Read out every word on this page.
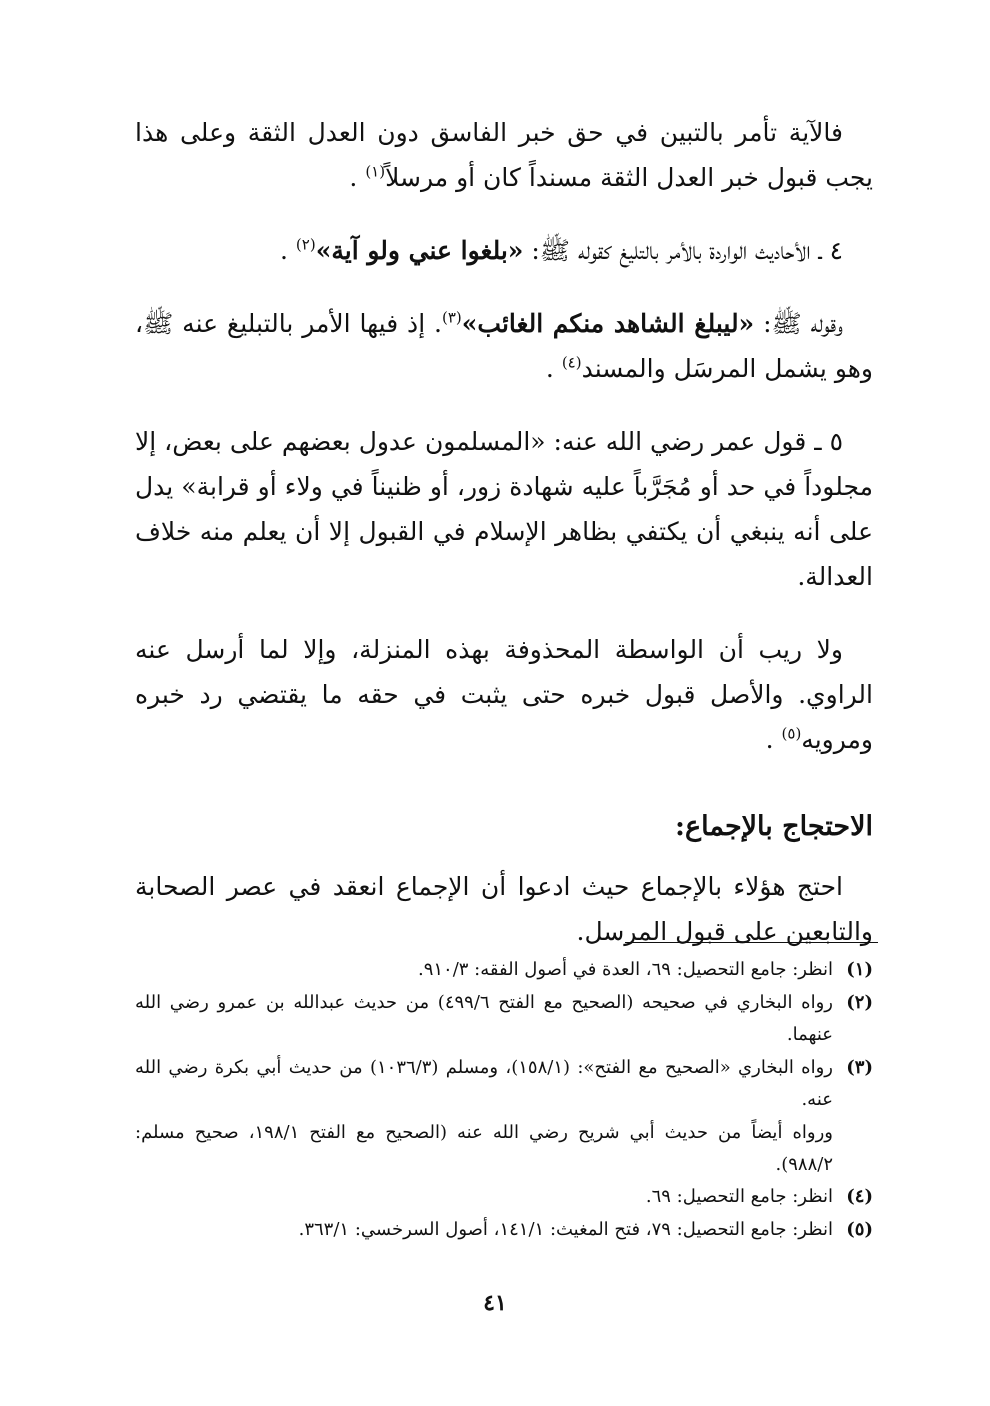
فالآية تأمر بالتبين في حق خبر الفاسق دون العدل الثقة وعلى هذا يجب قبول خبر العدل الثقة مسنداً كان أو مرسلاً$^{(١)}$ .

٤ ـ الأحاديث الواردة بالأمر بالتليغ كقوله ﷺ: «بلغوا عني ولو آية»$^{(٢)}$ .

وقوله ﷺ: «ليبلغ الشاهد منكم الغائب»$^{(٣)}$. إذ فيها الأمر بالتبليغ عنه ﷺ، وهو يشمل المرسَل والمسند$^{(٤)}$ .

٥ ـ قول عمر رضي الله عنه: «المسلمون عدول بعضهم على بعض، إلا مجلوداً في حد أو مُجَرَّباً عليه شهادة زور، أو ظنيناً في ولاء أو قرابة» يدل على أنه ينبغي أن يكتفي بظاهر الإسلام في القبول إلا أن يعلم منه خلاف العدالة.

ولا ريب أن الواسطة المحذوفة بهذه المنزلة، وإلا لما أرسل عنه الراوي. والأصل قبول خبره حتى يثبت في حقه ما يقتضي رد خبره ومرويه$^{(٥)}$ .

الاحتجاج بالإجماع:

احتج هؤلاء بالإجماع حيث ادعوا أن الإجماع انعقد في عصر الصحابة والتابعين على قبول المرسل.

(١)
انظر: جامع التحصيل: ٦٩، العدة في أصول الفقه: ٩١٠/٣.
(٢)
رواه البخاري في صحيحه (الصحيح مع الفتح ٤٩٩/٦) من حديث عبدالله بن عمرو رضي الله عنهما.
(٣)
رواه البخاري «الصحيح مع الفتح»: (١٥٨/١)، ومسلم (١٠٣٦/٣) من حديث أبي بكرة رضي الله عنه.
ورواه أيضاً من حديث أبي شريح رضي الله عنه (الصحيح مع الفتح ١٩٨/١، صحيح مسلم: ٩٨٨/٢).
(٤)
انظر: جامع التحصيل: ٦٩.
(٥)
انظر: جامع التحصيل: ٧٩، فتح المغيث: ١٤١/١، أصول السرخسي: ٣٦٣/١.
٤١
